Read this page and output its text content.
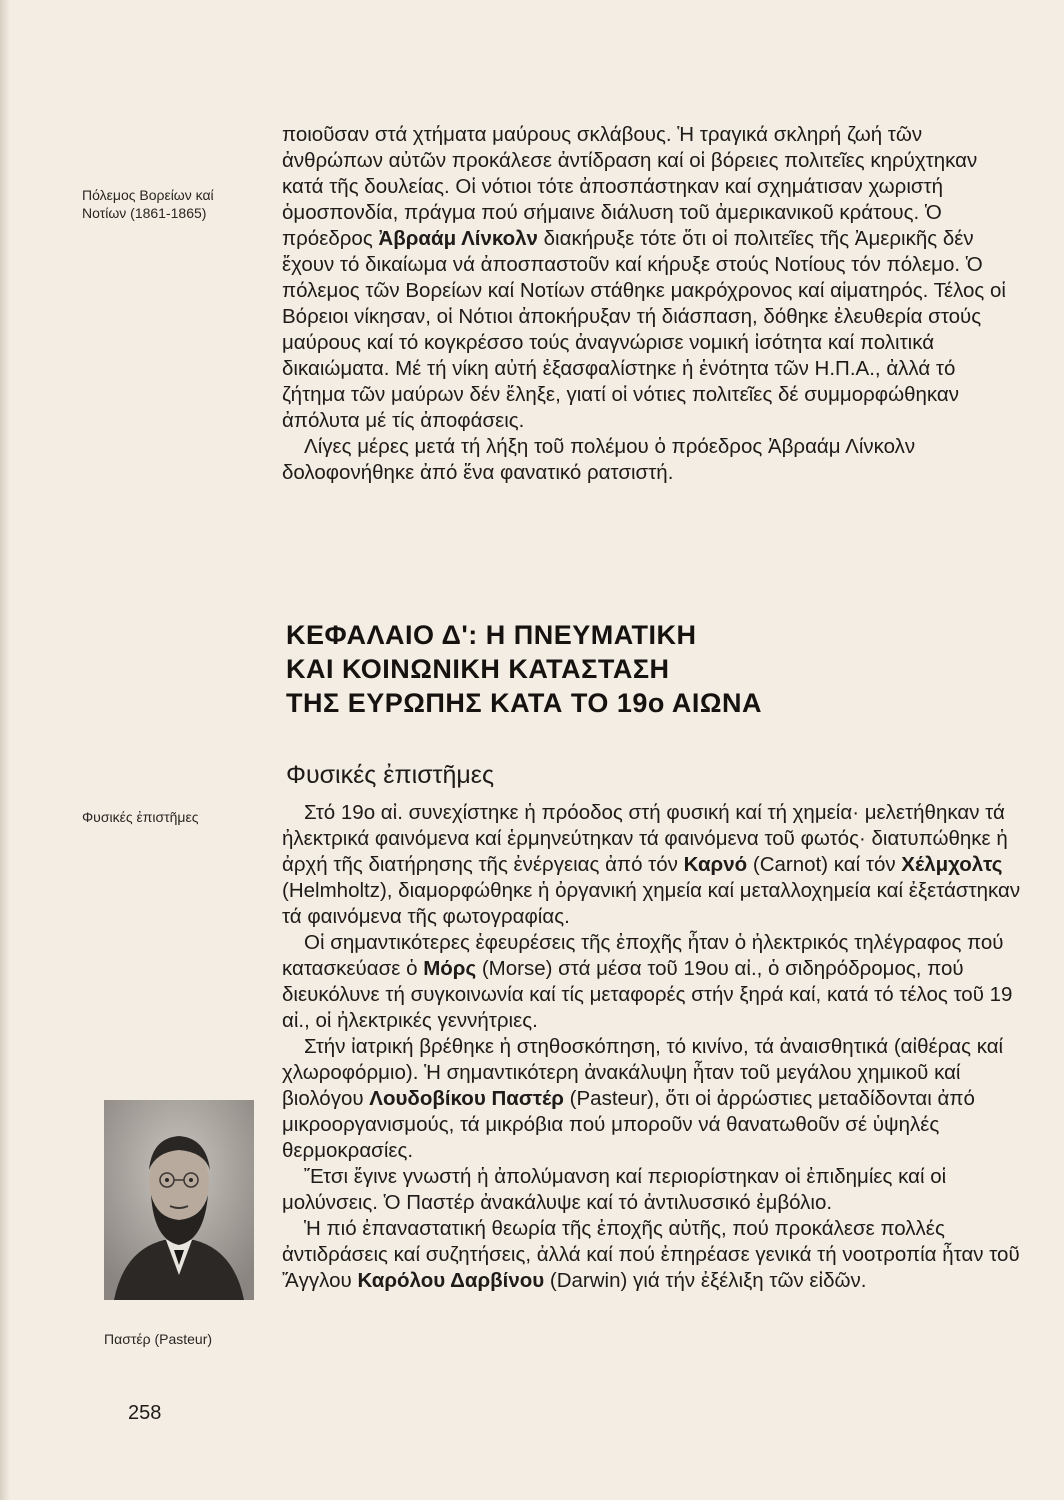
Πόλεμος Βορείων καί Νοτίων (1861-1865)
Φυσικές ἐπιστῆμες

ποιοῦσαν στά χτήματα μαύρους σκλάβους. Ἡ τραγικά σκληρή ζωή τῶν ἀνθρώπων αὐτῶν προκάλεσε ἀντίδραση καί οἱ βόρειες πολιτεῖες κηρύχτηκαν κατά τῆς δουλείας. Οἱ νότιοι τότε ἀποσπάστηκαν καί σχημάτισαν χωριστή ὁμοσπονδία, πράγμα πού σήμαινε διάλυση τοῦ ἀμερικανικοῦ κράτους. Ὁ πρόεδρος Ἀβραάμ Λίνκολν διακήρυξε τότε ὅτι οἱ πολιτεῖες τῆς Ἀμερικῆς δέν ἔχουν τό δικαίωμα νά ἀποσπαστοῦν καί κήρυξε στούς Νοτίους τόν πόλεμο. Ὁ πόλεμος τῶν Βορείων καί Νοτίων στάθηκε μακρόχρονος καί αἱματηρός. Τέλος οἱ Βόρειοι νίκησαν, οἱ Νότιοι ἀποκήρυξαν τή διάσπαση, δόθηκε ἐλευθερία στούς μαύρους καί τό κογκρέσσο τούς ἀναγνώρισε νομική ἰσότητα καί πολιτικά δικαιώματα. Μέ τή νίκη αὐτή ἐξασφαλίστηκε ἡ ἑνότητα τῶν Η.Π.Α., ἀλλά τό ζήτημα τῶν μαύρων δέν ἔληξε, γιατί οἱ νότιες πολιτεῖες δέ συμμορφώθηκαν ἀπόλυτα μέ τίς ἀποφάσεις.

Λίγες μέρες μετά τή λήξη τοῦ πολέμου ὁ πρόεδρος Ἀβραάμ Λίνκολν δολοφονήθηκε ἀπό ἕνα φανατικό ρατσιστή.

ΚΕΦΑΛΑΙΟ Δ': Η ΠΝΕΥΜΑΤΙΚΗ
ΚΑΙ ΚΟΙΝΩΝΙΚΗ ΚΑΤΑΣΤΑΣΗ
ΤΗΣ ΕΥΡΩΠΗΣ ΚΑΤΑ ΤΟ 19ο ΑΙΩΝΑ
Φυσικές ἐπιστῆμες

Στό 19ο αἰ. συνεχίστηκε ἡ πρόοδος στή φυσική καί τή χημεία· μελετήθηκαν τά ἠλεκτρικά φαινόμενα καί ἑρμηνεύτηκαν τά φαινόμενα τοῦ φωτός· διατυπώθηκε ἡ ἀρχή τῆς διατήρησης τῆς ἐνέργειας ἀπό τόν Καρνό (Carnot) καί τόν Χέλμχολτς (Helmholtz), διαμορφώθηκε ἡ ὀργανική χημεία καί μεταλλοχημεία καί ἐξετάστηκαν τά φαινόμενα τῆς φωτογραφίας.

Οἱ σημαντικότερες ἐφευρέσεις τῆς ἐποχῆς ἦταν ὁ ἠλεκτρικός τηλέγραφος πού κατασκεύασε ὁ Μόρς (Morse) στά μέσα τοῦ 19ου αἰ., ὁ σιδηρόδρομος, πού διευκόλυνε τή συγκοινωνία καί τίς μεταφορές στήν ξηρά καί, κατά τό τέλος τοῦ 19 αἰ., οἱ ἠλεκτρικές γεννήτριες.

Στήν ἰατρική βρέθηκε ἡ στηθοσκόπηση, τό κινίνο, τά ἀναισθητικά (αἰθέρας καί χλωροφόρμιο). Ἡ σημαντικότερη ἀνακάλυψη ἦταν τοῦ μεγάλου χημικοῦ καί βιολόγου Λουδοβίκου Παστέρ (Pasteur), ὅτι οἱ ἀρρώστιες μεταδίδονται ἀπό μικροοργανισμούς, τά μικρόβια πού μποροῦν νά θανατωθοῦν σέ ὑψηλές θερμοκρασίες.

Ἔτσι ἔγινε γνωστή ἡ ἀπολύμανση καί περιορίστηκαν οἱ ἐπιδημίες καί οἱ μολύνσεις. Ὁ Παστέρ ἀνακάλυψε καί τό ἀντιλυσσικό ἐμβόλιο.

Ἡ πιό ἐπαναστατική θεωρία τῆς ἐποχῆς αὐτῆς, πού προκάλεσε πολλές ἀντιδράσεις καί συζητήσεις, ἀλλά καί πού ἐπηρέασε γενικά τή νοοτροπία ἦταν τοῦ Ἄγγλου Καρόλου Δαρβίνου (Darwin) γιά τήν ἐξέλιξη τῶν εἰδῶν.

Παστέρ (Pasteur)
258
